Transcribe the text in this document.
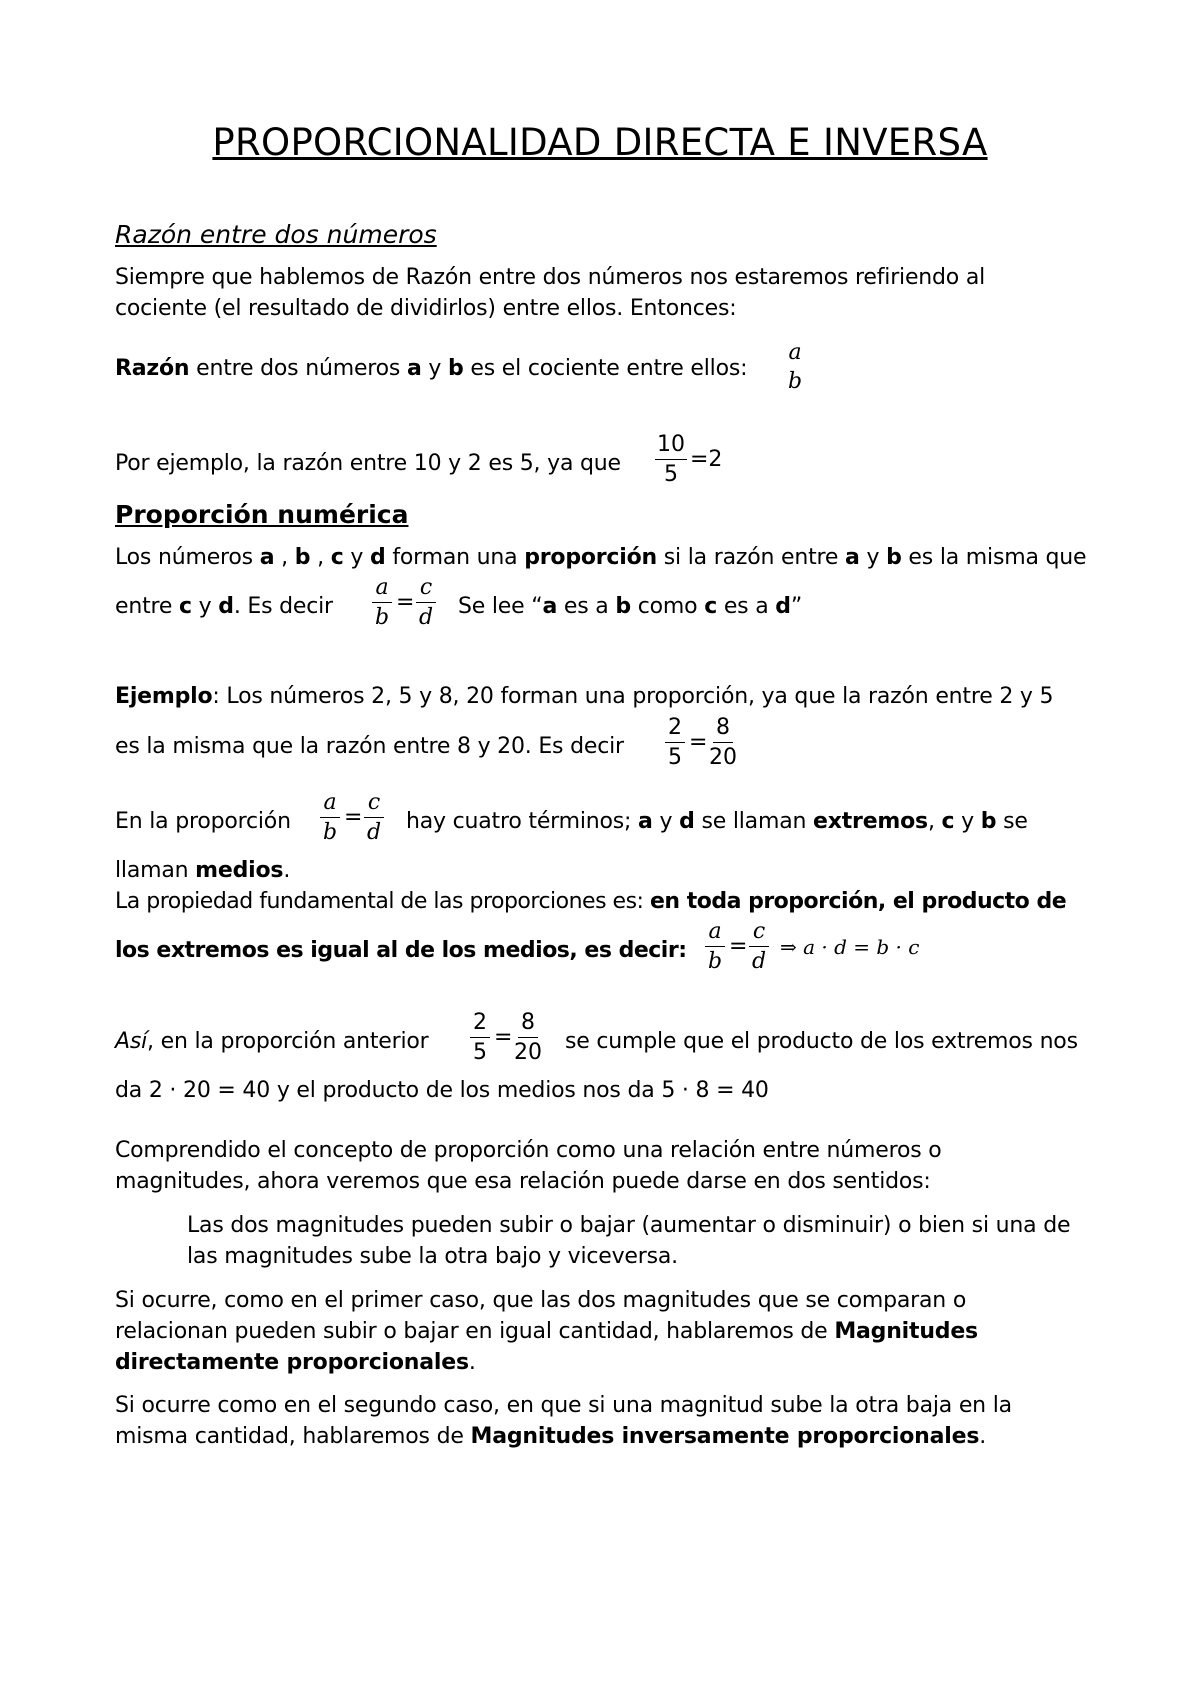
PROPORCIONALIDAD DIRECTA E INVERSA
Razón entre dos números
Siempre que hablemos de Razón entre dos números nos estaremos refiriendo al
cociente (el resultado de dividirlos) entre ellos. Entonces:
Razón entre dos números a y b es el cociente entre ellos:
a
b
Por ejemplo, la razón entre 10 y 2 es 5, ya que $\frac{10}{5} =2$
Proporción numérica
Los números a , b , c y d forman una proporción si la razón entre a y b es la misma que
entre c y d. Es decir $\frac{a}{b} = \frac{c}{d}$ Se lee “a es a b como c es a d”
Ejemplo: Los números 2, 5 y 8, 20 forman una proporción, ya que la razón entre 2 y 5
es la misma que la razón entre 8 y 20. Es decir $\frac{2}{5} = \frac{8}{20}$
En la proporción $\frac{a}{b} = \frac{c}{d}$ hay cuatro términos; a y d se llaman extremos, c y b se
llaman medios.
La propiedad fundamental de las proporciones es: en toda proporción, el producto de
los extremos es igual al de los medios, es decir: $\frac{a}{b} = \frac{c}{d}$ ⇒ a · d = b · c
Así, en la proporción anterior $\frac{2}{5} = \frac{8}{20}$ se cumple que el producto de los extremos nos
da 2 · 20 = 40 y el producto de los medios nos da 5 · 8 = 40
Comprendido el concepto de proporción como una relación entre números o
magnitudes, ahora veremos que esa relación puede darse en dos sentidos:
Las dos magnitudes pueden subir o bajar (aumentar o disminuir) o bien si una de
las magnitudes sube la otra bajo y viceversa.
Si ocurre, como en el primer caso, que las dos magnitudes que se comparan o
relacionan pueden subir o bajar en igual cantidad, hablaremos de Magnitudes
directamente proporcionales.
Si ocurre como en el segundo caso, en que si una magnitud sube la otra baja en la
misma cantidad, hablaremos de Magnitudes inversamente proporcionales.
